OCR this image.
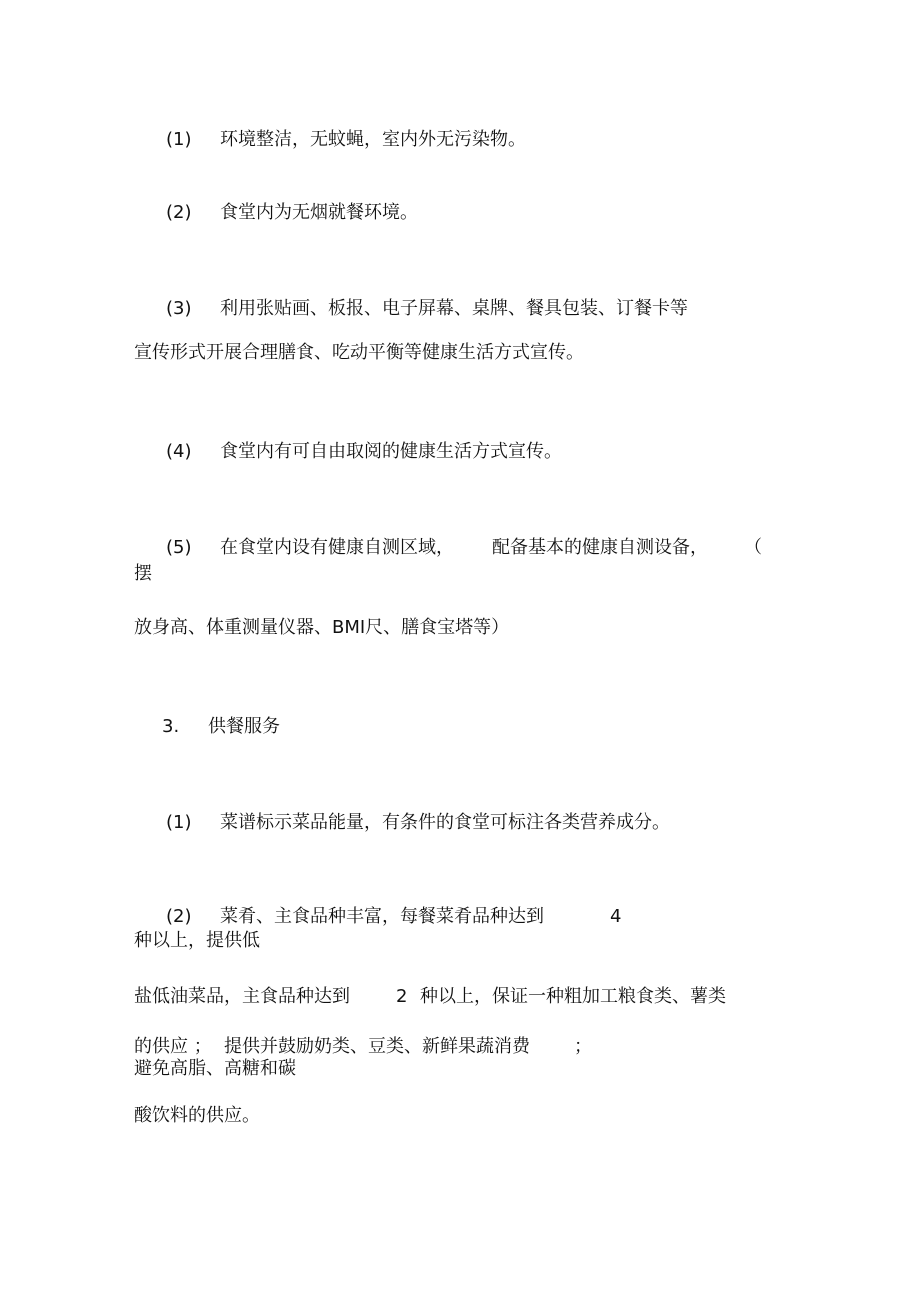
(1) 环境整洁，无蚊蝇，室内外无污染物。
(2) 食堂内为无烟就餐环境。
(3) 利用张贴画、板报、电子屏幕、桌牌、餐具包装、订餐卡等
宣传形式开展合理膳食、吃动平衡等健康生活方式宣传。
(4) 食堂内有可自由取阅的健康生活方式宣传。
(5) 在食堂内设有健康自测区域， 配备基本的健康自测设备， （
摆
放身高、体重测量仪器、BMI尺、膳食宝塔等）
3. 供餐服务
(1) 菜谱标示菜品能量，有条件的食堂可标注各类营养成分。
(2) 菜肴、主食品种丰富，每餐菜肴品种达到	4
种以上，提供低
盐低油菜品，主食品种达到	2 种以上，保证一种粗加工粮食类、薯类
的供应 ； 提供并鼓励奶类、豆类、新鲜果蔬消费 ；
避免高脂、高糖和碳
酸饮料的供应。
